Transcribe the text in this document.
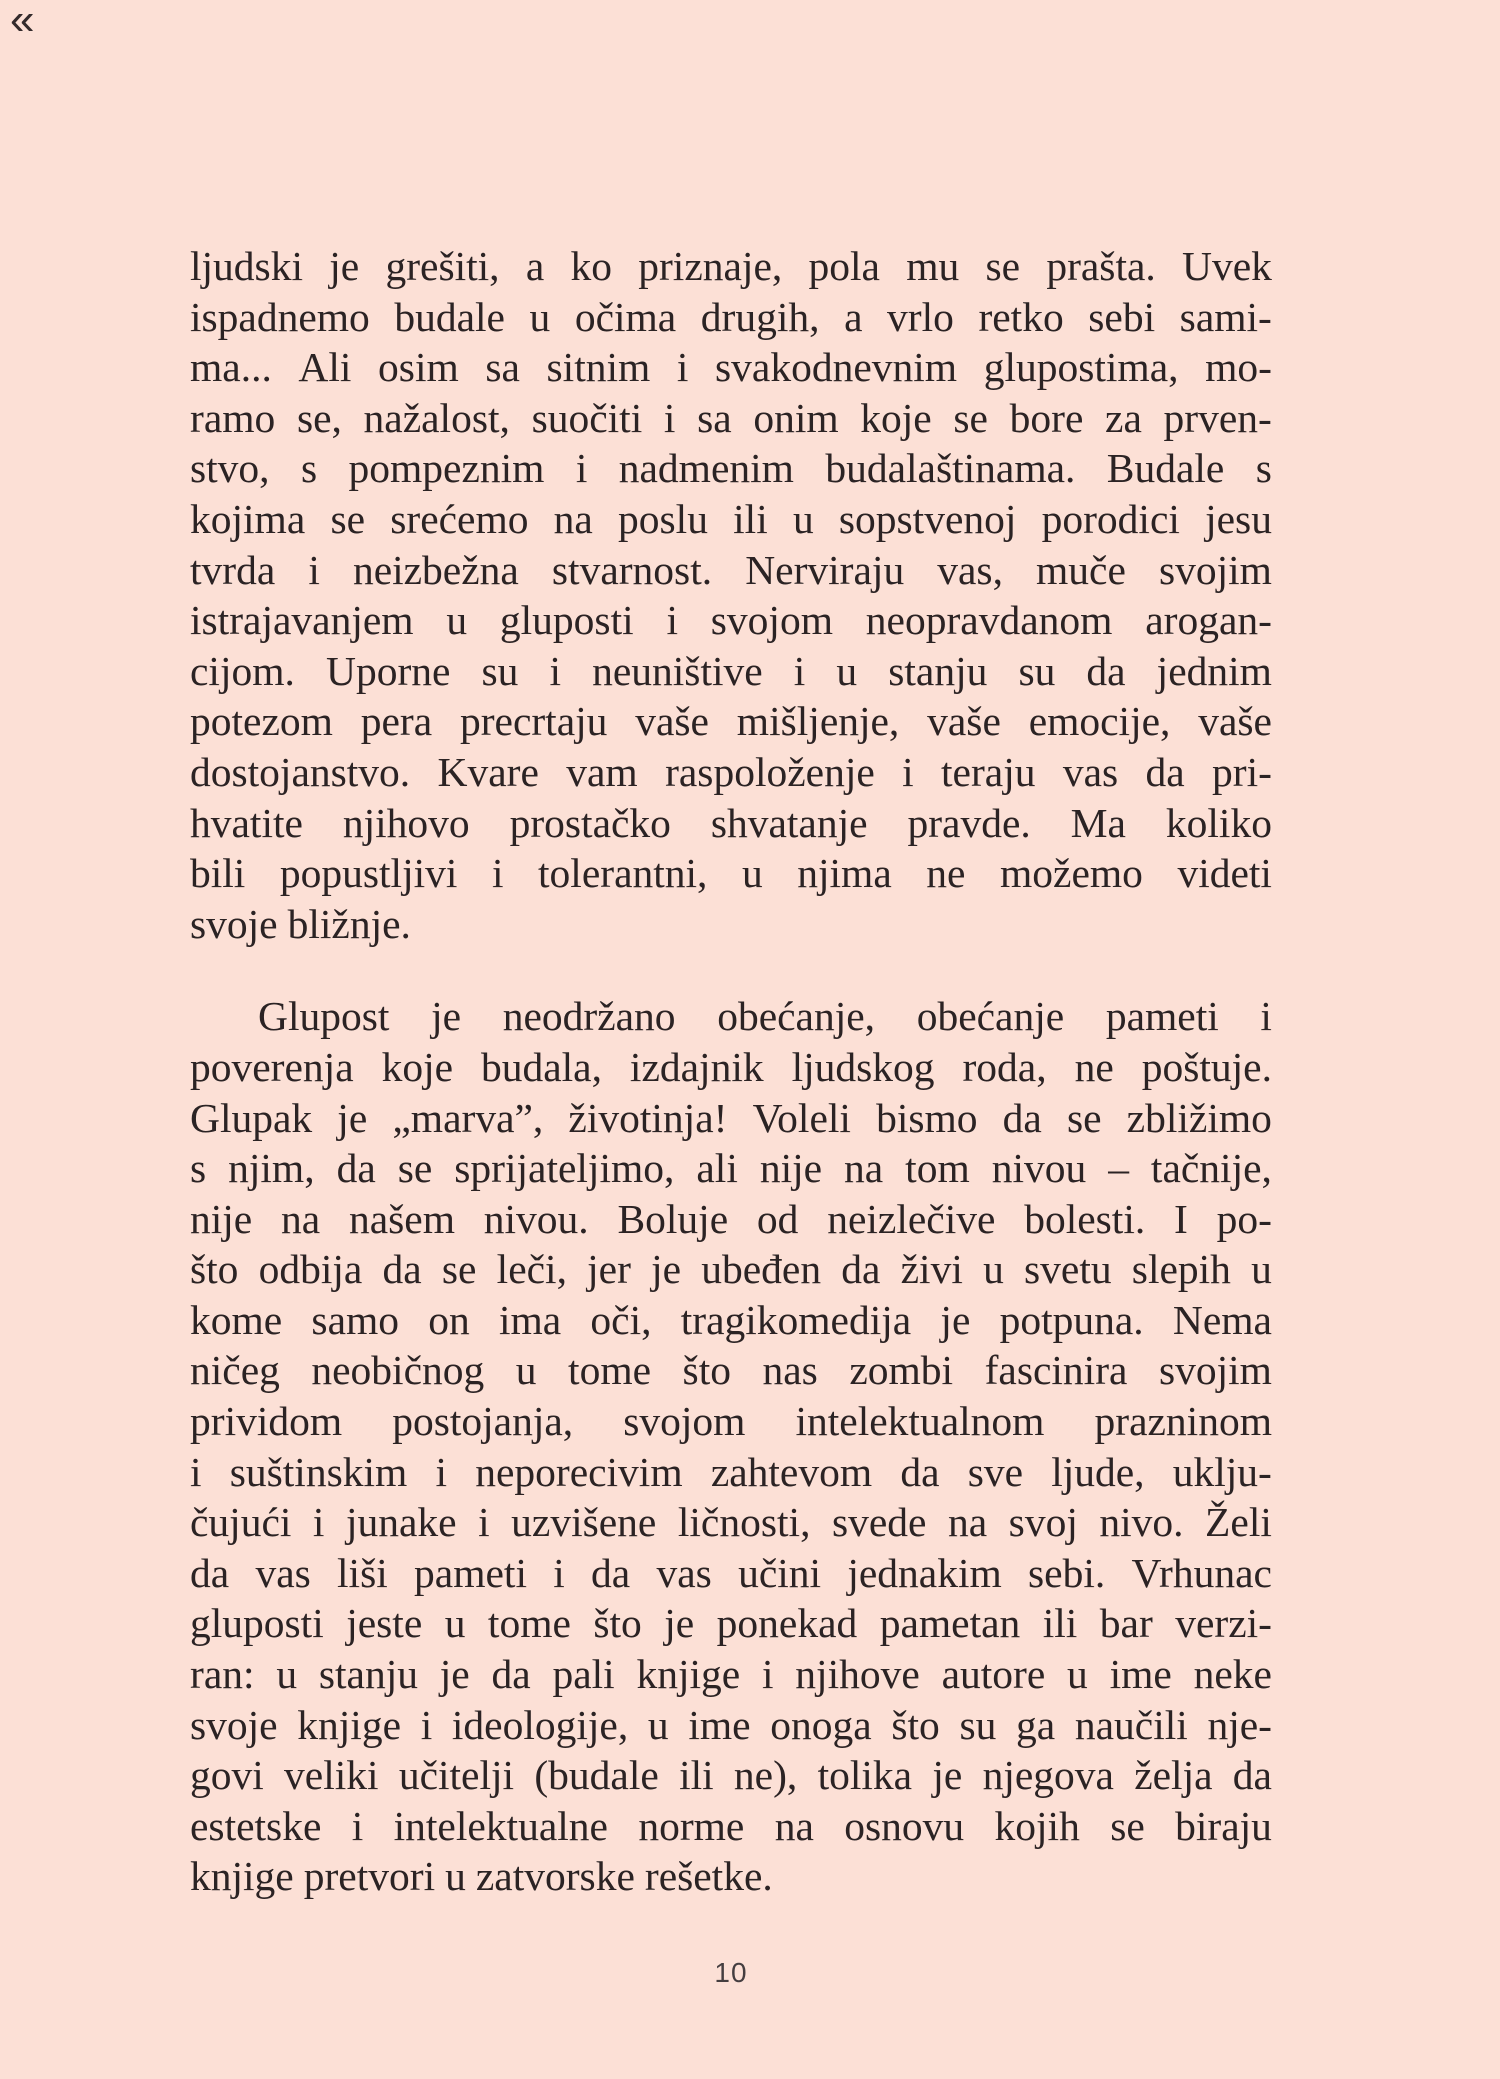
«
ljudski je grešiti, a ko priznaje, pola mu se prašta. Uvek
ispadnemo budale u očima drugih, a vrlo retko sebi sami-
ma... Ali osim sa sitnim i svakodnevnim glupostima, mo-
ramo se, nažalost, suočiti i sa onim koje se bore za prven-
stvo, s pompeznim i nadmenim budalaštinama. Budale s
kojima se srećemo na poslu ili u sopstvenoj porodici jesu
tvrda i neizbežna stvarnost. Nerviraju vas, muče svojim
istrajavanjem u gluposti i svojom neopravdanom arogan-
cijom. Uporne su i neuništive i u stanju su da jednim
potezom pera precrtaju vaše mišljenje, vaše emocije, vaše
dostojanstvo. Kvare vam raspoloženje i teraju vas da pri-
hvatite njihovo prostačko shvatanje pravde. Ma koliko
bili popustljivi i tolerantni, u njima ne možemo videti
svoje bližnje.
Glupost je neodržano obećanje, obećanje pameti i
poverenja koje budala, izdajnik ljudskog roda, ne poštuje.
Glupak je „marva”, životinja! Voleli bismo da se zbližimo
s njim, da se sprijateljimo, ali nije na tom nivou – tačnije,
nije na našem nivou. Boluje od neizlečive bolesti. I po-
što odbija da se leči, jer je ubeđen da živi u svetu slepih u
kome samo on ima oči, tragikomedija je potpuna. Nema
ničeg neobičnog u tome što nas zombi fascinira svojim
prividom postojanja, svojom intelektualnom prazninom
i suštinskim i neporecivim zahtevom da sve ljude, uklju-
čujući i junake i uzvišene ličnosti, svede na svoj nivo. Želi
da vas liši pameti i da vas učini jednakim sebi. Vrhunac
gluposti jeste u tome što je ponekad pametan ili bar verzi-
ran: u stanju je da pali knjige i njihove autore u ime neke
svoje knjige i ideologije, u ime onoga što su ga naučili nje-
govi veliki učitelji (budale ili ne), tolika je njegova želja da
estetske i intelektualne norme na osnovu kojih se biraju
knjige pretvori u zatvorske rešetke.
10
